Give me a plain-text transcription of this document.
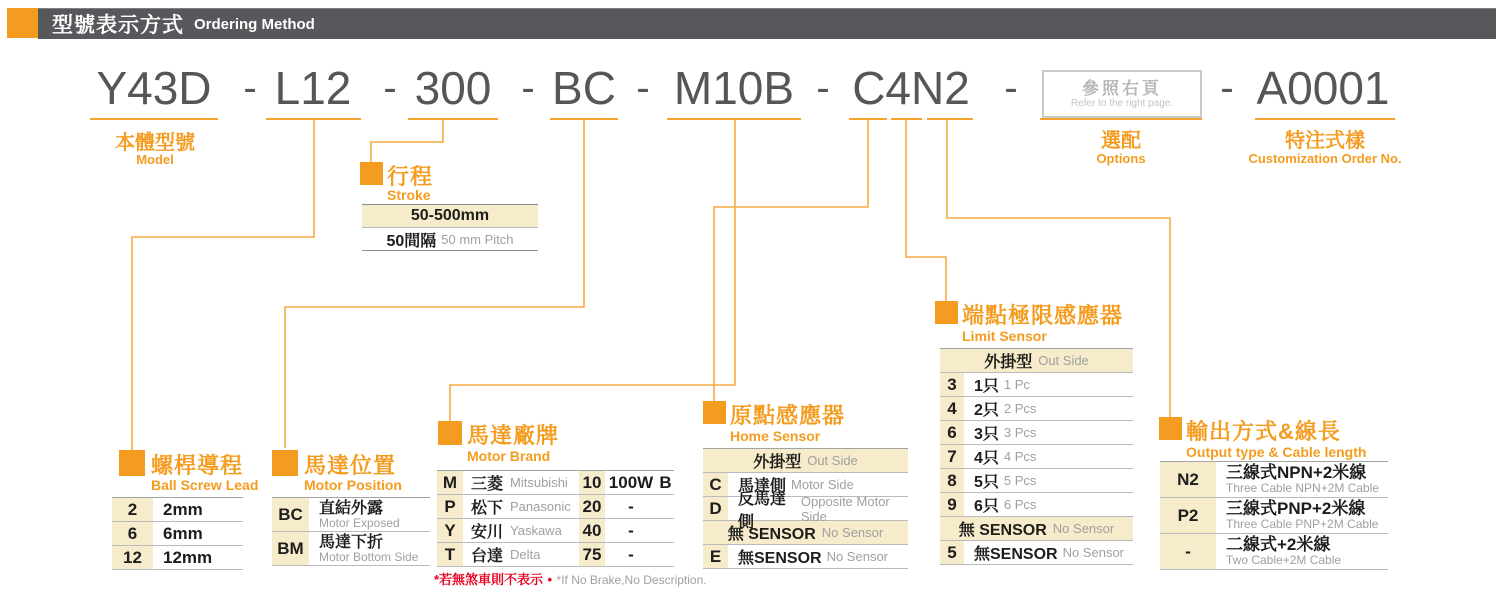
型號表示方式 Ordering Method
Y43D - L12 - 300 - BC - M10B - C4N2 -	參照右頁
Refer to the right page. - A0001
本體型號
Model
選配
Options
特注式樣
Customization Order No.
行程
Stroke
50-500mm
50間隔 50 mm Pitch
螺桿導程
Ball Screw Lead
2	2mm
6	6mm
12	12mm
馬達位置
Motor Position
BC	直結外露
Motor Exposed
BM 馬達下折
Motor Bottom Side
馬達廠牌
Motor Brand
M 三菱 Mitsubishi 10 100W B
P 松下 Panasonic 20	-
Y 安川 Yaskawa 40	-
T 台達 Delta 75	-
*若無煞車則不表示 • *If No Brake,No Description.
原點感應器
Home Sensor
外掛型 Out Side
C	馬達側 Motor Side
D	反馬達側
Opposite Motor Side
無 SENSOR No Sensor
E	無SENSOR No Sensor
端點極限感應器
Limit Sensor
外掛型 Out Side
3	1只 1 Pc
4	2只 2 Pcs
6	3只 3 Pcs
7	4只 4 Pcs
8	5只 5 Pcs
9	6只 6 Pcs
無 SENSOR No Sensor
5	無SENSOR No Sensor
輸出方式&線長
Output type & Cable length
N2	三線式NPN+2米線
Three Cable NPN+2M Cable
P2	三線式PNP+2米線
Three Cable PNP+2M Cable
-	二線式+2米線
Two Cable+2M Cable
